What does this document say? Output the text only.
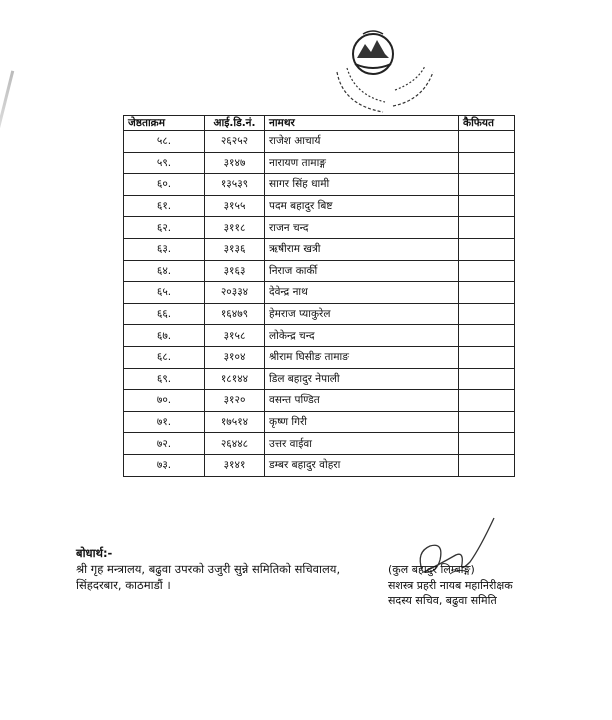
जेष्ठताक्रम	आई.डि.नं.	नामथर	कैफियत
५८.	२६२५२	राजेश आचार्य	
५९.	३१४७	नारायण तामाङ्ग	
६०.	१३५३९	सागर सिंह धामी	
६१.	३१५५	पदम बहादुर बिष्ट	
६२.	३११८	राजन चन्द	
६३.	३१३६	ऋषीराम खत्री	
६४.	३१६३	निराज कार्की	
६५.	२०३३४	देवेन्द्र नाथ	
६६.	१६४७९	हेमराज प्याकुरेल	
६७.	३१५८	लोकेन्द्र चन्द	
६८.	३१०४	श्रीराम घिसीङ तामाङ	
६९.	१८१४४	डिल बहादुर नेपाली	
७०.	३१२०	वसन्त पण्डित	
७१.	१७५१४	कृष्ण गिरी	
७२.	२६४४८	उत्तर वाईवा	
७३.	३१४१	डम्बर बहादुर वोहरा	
बोधार्थ:-
श्री गृह मन्त्रालय, बढुवा उपरको उजुरी सुन्ने समितिको सचिवालय,
सिंहदरबार, काठमाडौं ।
(कुल बहादुर लिम्बाङ्ग)
सशस्त्र प्रहरी नायब महानिरीक्षक
सदस्य सचिव, बढुवा समिति
